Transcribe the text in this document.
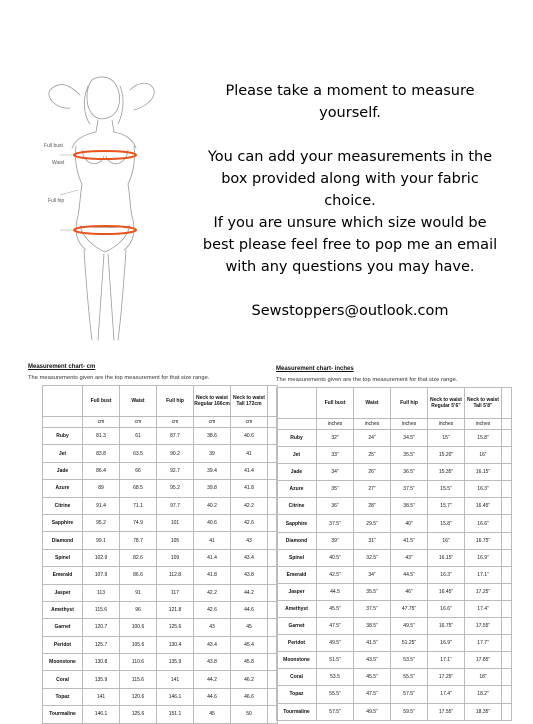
Full bust
Waist
Full hip

Please take a moment to measure yourself.

You can add your measurements in the box provided along with your fabric choice.

If you are unsure which size would be best please feel free to pop me an email with any questions you may have.

Sewstoppers@outlook.com

Measurement chart- cm
The measurements given are the top measurement for that size range.
	Full bust	Waist	Full hip	Neck to waist Regular 166cm	Neck to waist Tall 172cm	
	cm	cm	cm	cm	cm	
Ruby	81.3	61	87.7	38.6	40.6	
Jet	83.8	63.5	90.2	39	41	
Jade	86.4	66	92.7	39.4	41.4	
Azure	89	68.5	95.2	39.8	41.8	
Citrine	91.4	71.1	97.7	40.2	42.2	
Sapphire	95.2	74.9	101	40.6	42.6	
Diamond	99.1	78.7	105	41	43	
Spinel	102.9	82.6	109	41.4	43.4	
Emerald	107.9	86.6	112.8	41.8	43.8	
Jasper	113	91	117	42.2	44.2	
Amethyst	115.6	96	121.8	42.6	44.6	
Garnet	120.7	100.6	125.6	43	45	
Peridot	125.7	105.6	130.4	43.4	45.4	
Moonstone	130.8	110.6	135.9	43.8	45.8	
Coral	135.9	115.6	141	44.2	46.2	
Topaz	141	120.6	146.1	44.6	46.6	
Tourmaline	146.1	125.6	151.1	45	50	
Measurement chart- inches
The measurements given are the top measurement for that size range.
	Full bust	Waist	Full hip	Neck to waist Regular 5’6”	Neck to waist Tall 5’8”	
	inches	inches	inches	inches	inches	
Ruby	32”	24”	34.5”	15”	15.8”	
Jet	33”	25”	35.5”	15.20”	16”	
Jade	34”	26”	36.5”	15.35”	16.15”	
Azure	35”	27”	37.5”	15.5”	16.3”	
Citrine	36”	28”	38.5”	15.7”	16.45”	
Sapphire	37.5”	29.5”	40”	15.8”	16.6”	
Diamond	39”	31”	41.5”	16”	16.75”	
Spinel	40.5”	32.5”	43”	16.15”	16.9”	
Emerald	42.5”	34”	44.5”	16.3”	17.1”	
Jasper	44.5	35.5”	46”	16.45”	17.25”	
Amethyst	45.5”	37.5”	47.75”	16.6”	17.4”	
Garnet	47.5”	38.5”	49.5”	16.75”	17.55”	
Peridot	49.5”	41.5”	51.25”	16.9”	17.7”	
Moonstone	51.5”	43.5”	53.5”	17.1”	17.85”	
Coral	53.5	45.5”	55.5”	17.25”	18”	
Topaz	55.5”	47.5”	57.5”	17.4”	18.2”	
Tourmaline	57.5”	49.5”	59.5”	17.55”	18.35”	
